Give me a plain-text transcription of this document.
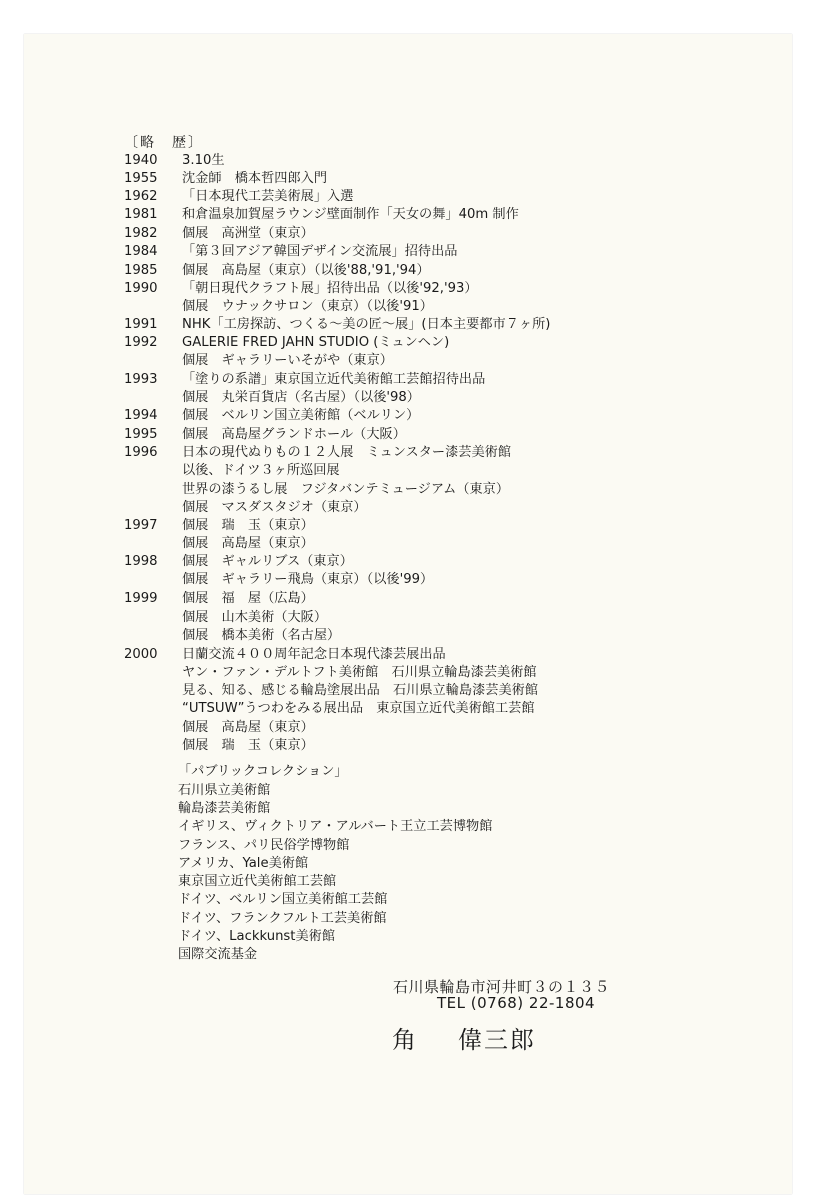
〔略　歴〕
1940 3.10生
1955 沈金師　橋本哲四郎入門
1962 「日本現代工芸美術展」入選
1981 和倉温泉加賀屋ラウンジ壁面制作「天女の舞」40m 制作
1982 個展　高洲堂（東京）
1984 「第３回アジア韓国デザイン交流展」招待出品
1985 個展　高島屋（東京）（以後'88,'91,'94）
1990 「朝日現代クラフト展」招待出品（以後'92,'93）
個展　ウナックサロン（東京）（以後'91）
1991 NHK「工房探訪、つくる〜美の匠〜展」(日本主要都市７ヶ所)
1992 GALERIE FRED JAHN STUDIO (ミュンヘン)
個展　ギャラリーいそがや（東京）
1993 「塗りの系譜」東京国立近代美術館工芸館招待出品
個展　丸栄百貨店（名古屋）（以後'98）
1994 個展　ベルリン国立美術館（ベルリン）
1995 個展　高島屋グランドホール（大阪）
1996 日本の現代ぬりもの１２人展　ミュンスター漆芸美術館
以後、ドイツ３ヶ所巡回展
世界の漆うるし展　フジタバンテミュージアム（東京）
個展　マスダスタジオ（東京）
1997 個展　瑞　玉（東京）
個展　高島屋（東京）
1998 個展　ギャルリブス（東京）
個展　ギャラリー飛鳥（東京）（以後'99）
1999 個展　福　屋（広島）
個展　山木美術（大阪）
個展　橋本美術（名古屋）
2000 日蘭交流４００周年記念日本現代漆芸展出品
ヤン・ファン・デルトフト美術館　石川県立輪島漆芸美術館
見る、知る、感じる輪島塗展出品　石川県立輪島漆芸美術館
“UTSUW”うつわをみる展出品　東京国立近代美術館工芸館
個展　高島屋（東京）
個展　瑞　玉（東京）
「パブリックコレクション」
石川県立美術館
輪島漆芸美術館
イギリス、ヴィクトリア・アルバート王立工芸博物館
フランス、パリ民俗学博物館
アメリカ、Yale美術館
東京国立近代美術館工芸館
ドイツ、ベルリン国立美術館工芸館
ドイツ、フランクフルト工芸美術館
ドイツ、Lackkunst美術館
国際交流基金
石川県輪島市河井町３の１３５
TEL (0768) 22-1804
角 偉三郎
